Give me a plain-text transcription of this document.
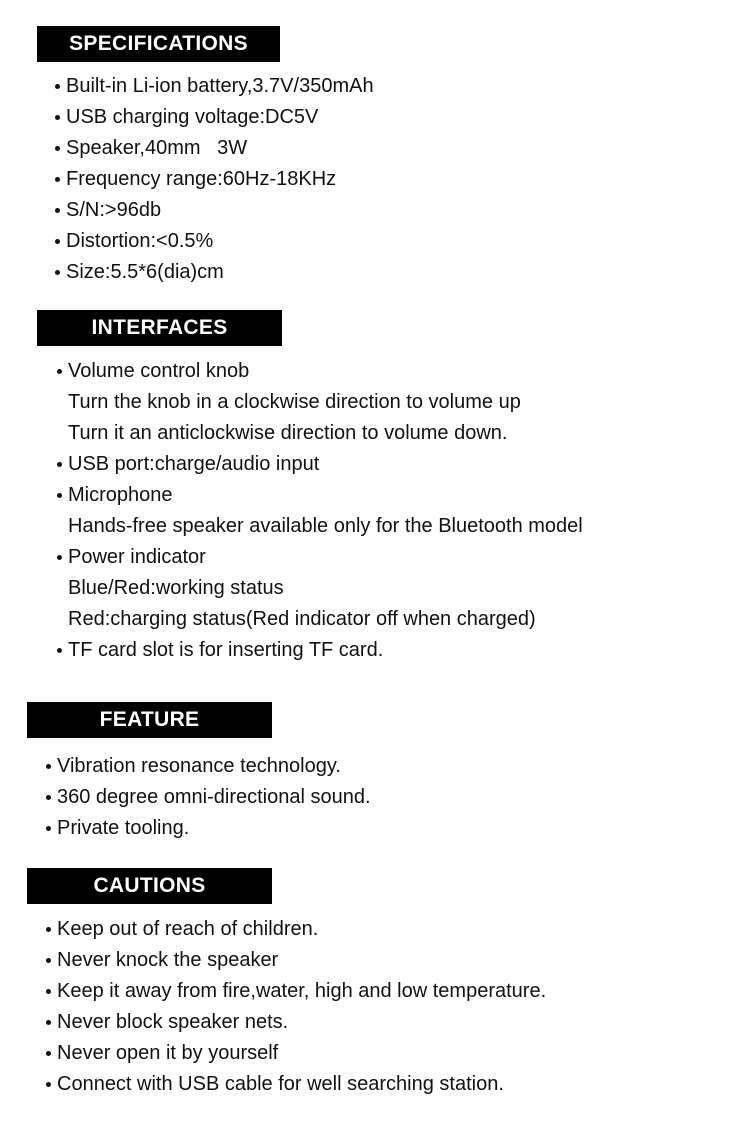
SPECIFICATIONS
Built-in Li-ion battery,3.7V/350mAh
USB charging voltage:DC5V
Speaker,40mm   3W
Frequency range:60Hz-18KHz
S/N:>96db
Distortion:<0.5%
Size:5.5*6(dia)cm
INTERFACES
Volume control knob
Turn the knob in a clockwise direction to volume up
Turn it an anticlockwise direction to volume down.
USB port:charge/audio input
Microphone
Hands-free speaker available only for the Bluetooth model
Power indicator
Blue/Red:working status
Red:charging status(Red indicator off when charged)
TF card slot is for inserting TF card.
FEATURE
Vibration resonance technology.
360 degree omni-directional sound.
Private tooling.
CAUTIONS
Keep out of reach of children.
Never knock the speaker
Keep it away from fire,water, high and low temperature.
Never block speaker nets.
Never open it by yourself
Connect with USB cable for well searching station.
